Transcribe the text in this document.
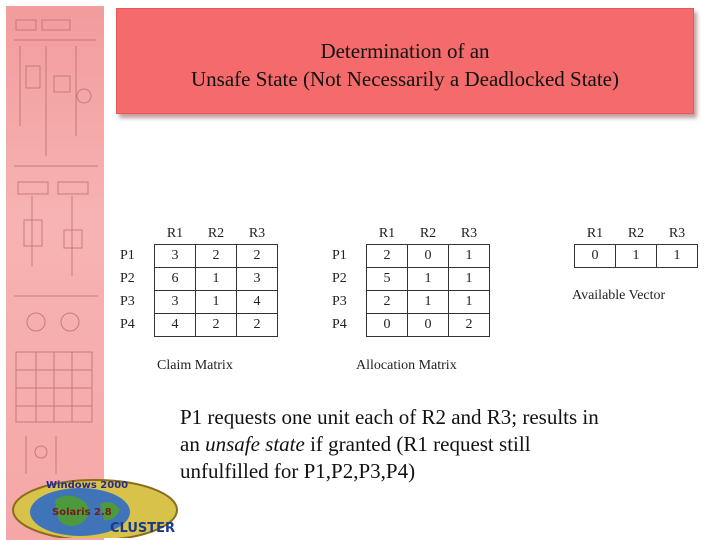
Windows 2000
Solaris 2.8
CLUSTER
Determination of an
Unsafe State (Not Necessarily a Deadlocked State)
	R1	R2	R3
P1	3	2	2
P2	6	1	3
P3	3	1	4
P4	4	2	2
Claim Matrix
	R1	R2	R3
P1	2	0	1
P2	5	1	1
P3	2	1	1
P4	0	0	2
Allocation Matrix
R1	R2	R3
0	1	1
Available Vector
P1 requests one unit each of R2 and R3; results in an unsafe state if granted (R1 request still unfulfilled for P1,P2,P3,P4)
